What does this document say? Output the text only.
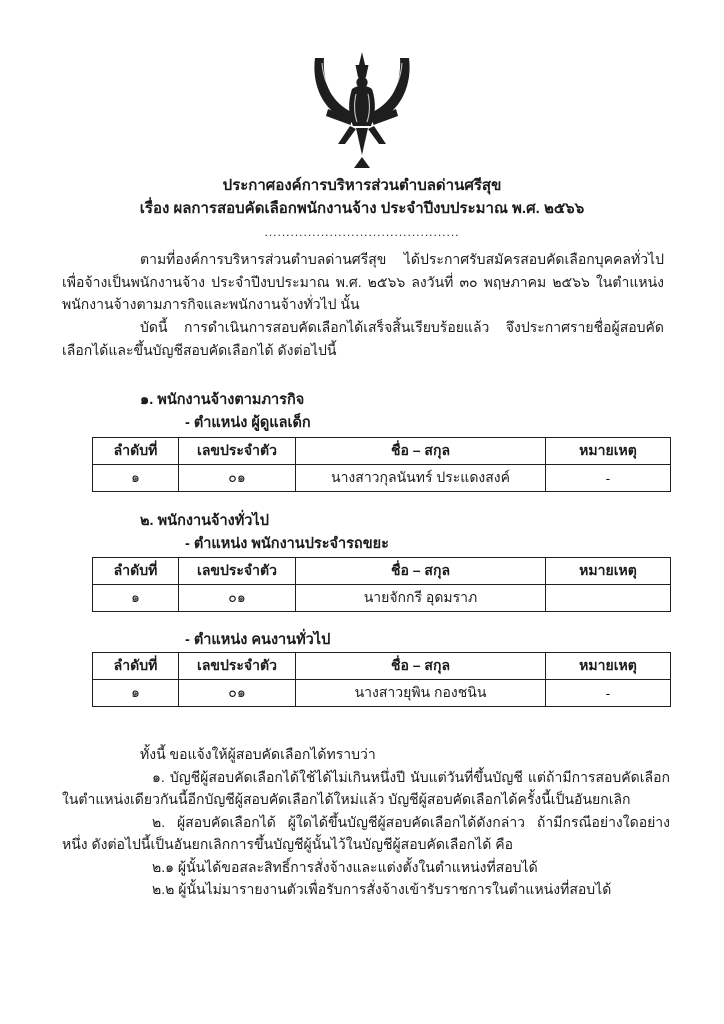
ประกาศองค์การบริหารส่วนตำบลด่านศรีสุข
เรื่อง ผลการสอบคัดเลือกพนักงานจ้าง ประจำปีงบประมาณ พ.ศ. ๒๕๖๖
.............................................

ตามที่องค์การบริหารส่วนตำบลด่านศรีสุข ได้ประกาศรับสมัครสอบคัดเลือกบุคคลทั่วไป เพื่อจ้างเป็นพนักงานจ้าง ประจำปีงบประมาณ พ.ศ. ๒๕๖๖ ลงวันที่ ๓๐ พฤษภาคม ๒๕๖๖ ในตำแหน่งพนักงานจ้างตามภารกิจและพนักงานจ้างทั่วไป นั้น

บัดนี้ การดำเนินการสอบคัดเลือกได้เสร็จสิ้นเรียบร้อยแล้ว จึงประกาศรายชื่อผู้สอบคัดเลือกได้และขึ้นบัญชีสอบคัดเลือกได้ ดังต่อไปนี้

๑. พนักงานจ้างตามภารกิจ
- ตำแหน่ง ผู้ดูแลเด็ก
ลำดับที่	เลขประจำตัว	ชื่อ – สกุล	หมายเหตุ
๑	๐๑	นางสาวกุลนันทร์ ประแดงสงค์	-
๒. พนักงานจ้างทั่วไป
- ตำแหน่ง พนักงานประจำรถขยะ
ลำดับที่	เลขประจำตัว	ชื่อ – สกุล	หมายเหตุ
๑	๐๑	นายจักกรี อุดมราภ	
- ตำแหน่ง คนงานทั่วไป
ลำดับที่	เลขประจำตัว	ชื่อ – สกุล	หมายเหตุ
๑	๐๑	นางสาวยุพิน กองชนิน	-

ทั้งนี้ ขอแจ้งให้ผู้สอบคัดเลือกได้ทราบว่า

๑. บัญชีผู้สอบคัดเลือกได้ใช้ได้ไม่เกินหนึ่งปี นับแต่วันที่ขึ้นบัญชี แต่ถ้ามีการสอบคัดเลือกในตำแหน่งเดียวกันนี้อีกบัญชีผู้สอบคัดเลือกได้ใหม่แล้ว บัญชีผู้สอบคัดเลือกได้ครั้งนี้เป็นอันยกเลิก

๒. ผู้สอบคัดเลือกได้ ผู้ใดได้ขึ้นบัญชีผู้สอบคัดเลือกได้ดังกล่าว ถ้ามีกรณีอย่างใดอย่างหนึ่ง ดังต่อไปนี้เป็นอันยกเลิกการขึ้นบัญชีผู้นั้นไว้ในบัญชีผู้สอบคัดเลือกได้ คือ

๒.๑ ผู้นั้นได้ขอสละสิทธิ์การสั่งจ้างและแต่งตั้งในตำแหน่งที่สอบได้

๒.๒ ผู้นั้นไม่มารายงานตัวเพื่อรับการสั่งจ้างเข้ารับราชการในตำแหน่งที่สอบได้
